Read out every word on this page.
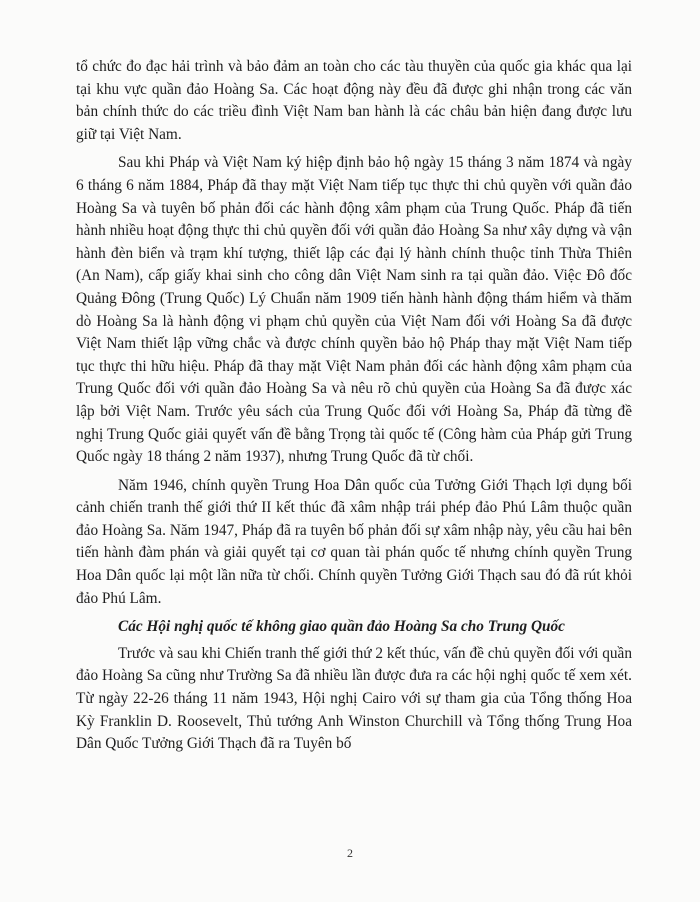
tổ chức đo đạc hải trình và bảo đảm an toàn cho các tàu thuyền của quốc gia khác qua lại tại khu vực quần đảo Hoàng Sa. Các hoạt động này đều đã được ghi nhận trong các văn bản chính thức do các triều đình Việt Nam ban hành là các châu bản hiện đang được lưu giữ tại Việt Nam.

Sau khi Pháp và Việt Nam ký hiệp định bảo hộ ngày 15 tháng 3 năm 1874 và ngày 6 tháng 6 năm 1884, Pháp đã thay mặt Việt Nam tiếp tục thực thi chủ quyền với quần đảo Hoàng Sa và tuyên bố phản đối các hành động xâm phạm của Trung Quốc. Pháp đã tiến hành nhiều hoạt động thực thi chủ quyền đối với quần đảo Hoàng Sa như xây dựng và vận hành đèn biển và trạm khí tượng, thiết lập các đại lý hành chính thuộc tỉnh Thừa Thiên (An Nam), cấp giấy khai sinh cho công dân Việt Nam sinh ra tại quần đảo. Việc Đô đốc Quảng Đông (Trung Quốc) Lý Chuẩn năm 1909 tiến hành hành động thám hiểm và thăm dò Hoàng Sa là hành động vi phạm chủ quyền của Việt Nam đối với Hoàng Sa đã được Việt Nam thiết lập vững chắc và được chính quyền bảo hộ Pháp thay mặt Việt Nam tiếp tục thực thi hữu hiệu. Pháp đã thay mặt Việt Nam phản đối các hành động xâm phạm của Trung Quốc đối với quần đảo Hoàng Sa và nêu rõ chủ quyền của Hoàng Sa đã được xác lập bởi Việt Nam. Trước yêu sách của Trung Quốc đối với Hoàng Sa, Pháp đã từng đề nghị Trung Quốc giải quyết vấn đề bằng Trọng tài quốc tế (Công hàm của Pháp gửi Trung Quốc ngày 18 tháng 2 năm 1937), nhưng Trung Quốc đã từ chối.

Năm 1946, chính quyền Trung Hoa Dân quốc của Tưởng Giới Thạch lợi dụng bối cảnh chiến tranh thế giới thứ II kết thúc đã xâm nhập trái phép đảo Phú Lâm thuộc quần đảo Hoàng Sa. Năm 1947, Pháp đã ra tuyên bố phản đối sự xâm nhập này, yêu cầu hai bên tiến hành đàm phán và giải quyết tại cơ quan tài phán quốc tế nhưng chính quyền Trung Hoa Dân quốc lại một lần nữa từ chối. Chính quyền Tưởng Giới Thạch sau đó đã rút khỏi đảo Phú Lâm.

Các Hội nghị quốc tế không giao quần đảo Hoàng Sa cho Trung Quốc

Trước và sau khi Chiến tranh thế giới thứ 2 kết thúc, vấn đề chủ quyền đối với quần đảo Hoàng Sa cũng như Trường Sa đã nhiều lần được đưa ra các hội nghị quốc tế xem xét. Từ ngày 22-26 tháng 11 năm 1943, Hội nghị Cairo với sự tham gia của Tổng thống Hoa Kỳ Franklin D. Roosevelt, Thủ tướng Anh Winston Churchill và Tổng thống Trung Hoa Dân Quốc Tưởng Giới Thạch đã ra Tuyên bố

2
